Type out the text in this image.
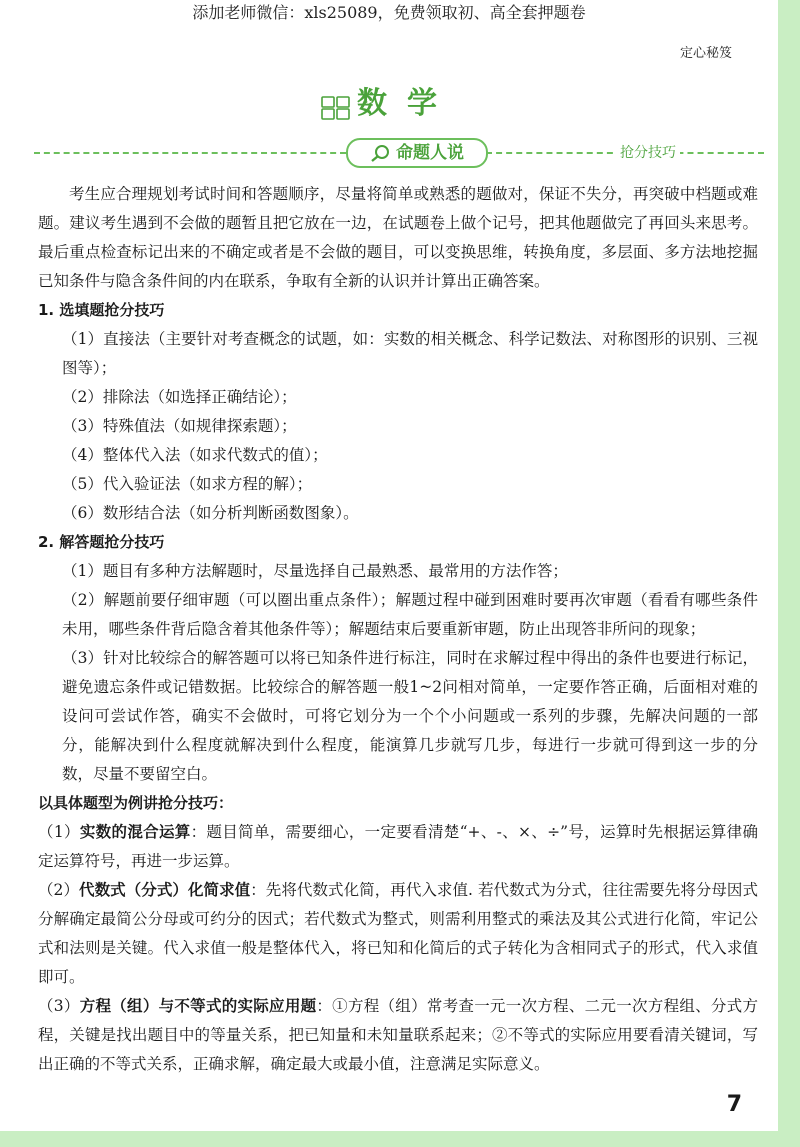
添加老师微信：xls25089，免费领取初、高全套押题卷
定心秘笈
数学
命题人说	抢分技巧

考生应合理规划考试时间和答题顺序，尽量将简单或熟悉的题做对，保证不失分，再突破中档题或难题。建议考生遇到不会做的题暂且把它放在一边，在试题卷上做个记号，把其他题做完了再回头来思考。最后重点检查标记出来的不确定或者是不会做的题目，可以变换思维，转换角度，多层面、多方法地挖掘已知条件与隐含条件间的内在联系，争取有全新的认识并计算出正确答案。

1. 选填题抢分技巧

（1）直接法（主要针对考查概念的试题，如：实数的相关概念、科学记数法、对称图形的识别、三视图等）；

（2）排除法（如选择正确结论）；

（3）特殊值法（如规律探索题）；

（4）整体代入法（如求代数式的值）；

（5）代入验证法（如求方程的解）；

（6）数形结合法（如分析判断函数图象）。

2. 解答题抢分技巧

（1）题目有多种方法解题时，尽量选择自己最熟悉、最常用的方法作答；

（2）解题前要仔细审题（可以圈出重点条件）；解题过程中碰到困难时要再次审题（看看有哪些条件未用，哪些条件背后隐含着其他条件等）；解题结束后要重新审题，防止出现答非所问的现象；

（3）针对比较综合的解答题可以将已知条件进行标注，同时在求解过程中得出的条件也要进行标记，避免遗忘条件或记错数据。比较综合的解答题一般1~2问相对简单，一定要作答正确，后面相对难的设问可尝试作答，确实不会做时，可将它划分为一个个小问题或一系列的步骤，先解决问题的一部分，能解决到什么程度就解决到什么程度，能演算几步就写几步，每进行一步就可得到这一步的分数，尽量不要留空白。

以具体题型为例讲抢分技巧：

（1）实数的混合运算：题目简单，需要细心，一定要看清楚“+、-、×、÷”号，运算时先根据运算律确定运算符号，再进一步运算。

（2）代数式（分式）化简求值：先将代数式化简，再代入求值. 若代数式为分式，往往需要先将分母因式分解确定最简公分母或可约分的因式；若代数式为整式，则需利用整式的乘法及其公式进行化简，牢记公式和法则是关键。代入求值一般是整体代入，将已知和化简后的式子转化为含相同式子的形式，代入求值即可。

（3）方程（组）与不等式的实际应用题：①方程（组）常考查一元一次方程、二元一次方程组、分式方程，关键是找出题目中的等量关系，把已知量和未知量联系起来；②不等式的实际应用要看清关键词，写出正确的不等式关系，正确求解，确定最大或最小值，注意满足实际意义。

7
